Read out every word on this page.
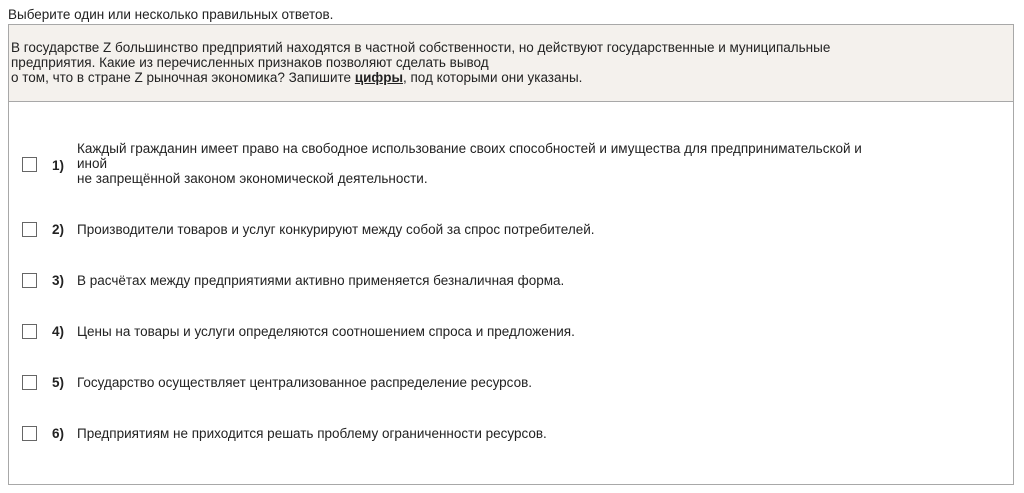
Выберите один или несколько правильных ответов.
В государстве Z большинство предприятий находятся в частной собственности, но действуют государственные и муниципальные
предприятия. Какие из перечисленных признаков позволяют сделать вывод
о том, что в стране Z рыночная экономика? Запишите цифры, под которыми они указаны.
1)
Каждый гражданин имеет право на свободное использование своих способностей и имущества для предпринимательской и
иной
не запрещённой законом экономической деятельности.
2) Производители товаров и услуг конкурируют между собой за спрос потребителей.
3) В расчётах между предприятиями активно применяется безналичная форма.
4) Цены на товары и услуги определяются соотношением спроса и предложения.
5) Государство осуществляет централизованное распределение ресурсов.
6) Предприятиям не приходится решать проблему ограниченности ресурсов.
